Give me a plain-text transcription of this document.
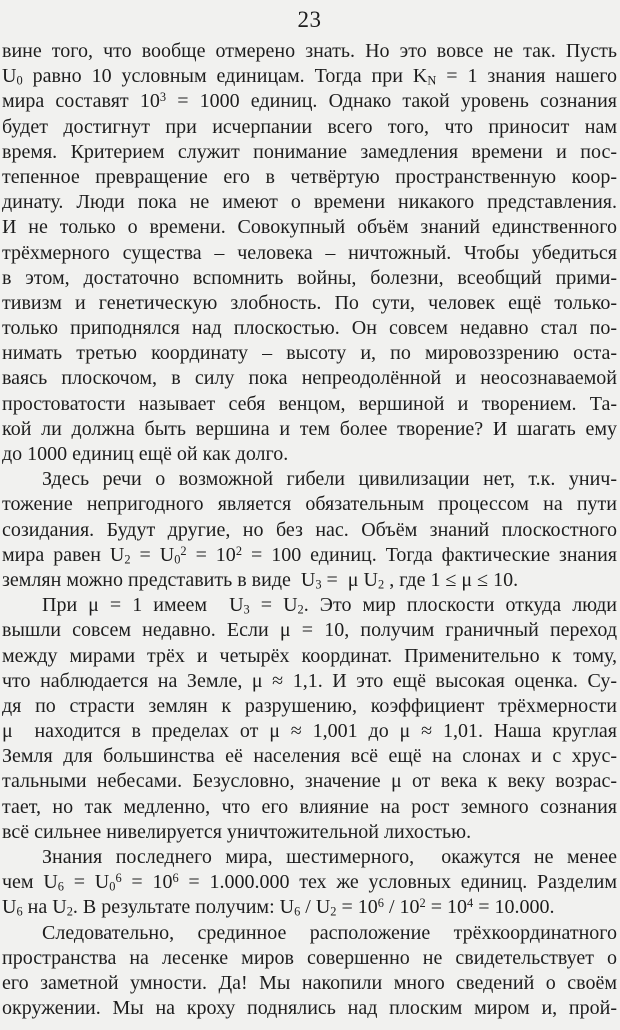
23
вине того, что вообще отмерено знать. Но это вовсе не так. Пусть
$U_0$ равно 10 условным единицам. Тогда при $K_N = 1$ знания нашего
мира составят $10^3 = 1000$ единиц. Однако такой уровень сознания
будет достигнут при исчерпании всего того, что приносит нам
время. Критерием служит понимание замедления времени и пос-
тепенное превращение его в четвёртую пространственную коор-
динату. Люди пока не имеют о времени никакого представления.
И не только о времени. Совокупный объём знаний единственного
трёхмерного существа – человека – ничтожный. Чтобы убедиться
в этом, достаточно вспомнить войны, болезни, всеобщий прими-
тивизм и генетическую злобность. По сути, человек ещё только-
только приподнялся над плоскостью. Он совсем недавно стал по-
нимать третью координату – высоту и, по мировоззрению оста-
ваясь плоскочом, в силу пока непреодолённой и неосознаваемой
простоватости называет себя венцом, вершиной и творением. Та-
кой ли должна быть вершина и тем более творение? И шагать ему
до 1000 единиц ещё ой как долго.
Здесь речи о возможной гибели цивилизации нет, т.к. унич-
тожение непригодного является обязательным процессом на пути
созидания. Будут другие, но без нас. Объём знаний плоскостного
мира равен $U_2 = U_0^2 = 10^2 = 100$ единиц. Тогда фактические знания
землян можно представить в виде  $U_3 = \mu$ $U_2$ , где 1 ≤ μ ≤ 10.
При μ = 1 имеем  $U_3 = U_2$. Это мир плоскости откуда люди
вышли совсем недавно. Если μ = 10, получим граничный переход
между мирами трёх и четырёх координат. Применительно к тому,
что наблюдается на Земле, μ ≈ 1,1. И это ещё высокая оценка. Су-
дя по страсти землян к разрушению, коэффициент трёхмерности
μ  находится в пределах от μ ≈ 1,001 до μ ≈ 1,01. Наша круглая
Земля для большинства её населения всё ещё на слонах и с хрус-
тальными небесами. Безусловно, значение μ от века к веку возрас-
тает, но так медленно, что его влияние на рост земного сознания
всё сильнее нивелируется уничтожительной лихостью.
Знания последнего мира, шестимерного,  окажутся не менее
чем $U_6 = U_0^6 = 10^6 = 1.000.000$ тех же условных единиц. Разделим
$U_6$ на $U_2$. В результате получим: $U_6 / U_2 = 10^6 / 10^2 = 10^4 = 10.000$.
Следовательно, срединное расположение трёхкоординатного
пространства на лесенке миров совершенно не свидетельствует о
его заметной умности. Да! Мы накопили много сведений о своём
окружении. Мы на кроху поднялись над плоским миром и, прой-
